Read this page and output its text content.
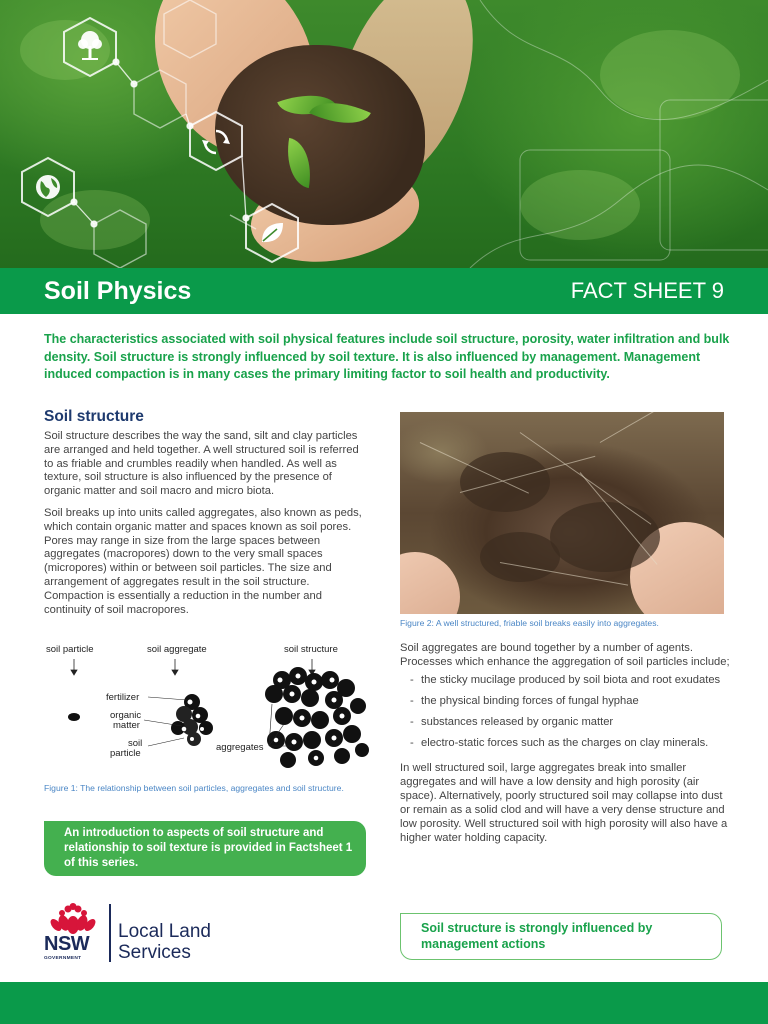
Soil Physics	FACT SHEET 9
The characteristics associated with soil physical features include soil structure, porosity, water infiltration and bulk density. Soil structure is strongly influenced by soil texture. It is also influenced by management. Management induced compaction is in many cases the primary limiting factor to soil health and productivity.
Soil structure

Soil structure describes the way the sand, silt and clay particles are arranged and held together. A well structured soil is referred to as friable and crumbles readily when handled. As well as texture, soil structure is also influenced by the presence of organic matter and soil macro and micro biota.

Soil breaks up into units called aggregates, also known as peds, which contain organic matter and spaces known as soil pores. Pores may range in size from the large spaces between aggregates (macropores) down to the very small spaces (micropores) within or between soil particles. The size and arrangement of aggregates result in the soil structure. Compaction is essentially a reduction in the number and continuity of soil macropores.

soil particle	soil aggregate	soil structure
fertilizer
organic
matter
soil
particle
aggregates
Figure 1: The relationship between soil particles, aggregates and soil structure.
An introduction to aspects of soil structure and relationship to soil texture is provided in Factsheet 1 of this series.
Figure 2: A well structured, friable soil breaks easily into aggregates.

Soil aggregates are bound together by a number of agents. Processes which enhance the aggregation of soil particles include;

- the sticky mucilage produced by soil biota and root exudates
- the physical binding forces of fungal hyphae
- substances released by organic matter
- electro-static forces such as the charges on clay minerals.

In well structured soil, large aggregates break into smaller aggregates and will have a low density and high porosity (air space). Alternatively, poorly structured soil may collapse into dust or remain as a solid clod and will have a very dense structure and low porosity. Well structured soil with high porosity will also have a higher water holding capacity.

Soil structure is strongly influenced by management actions
NSW
GOVERNMENT
Local Land
Services
